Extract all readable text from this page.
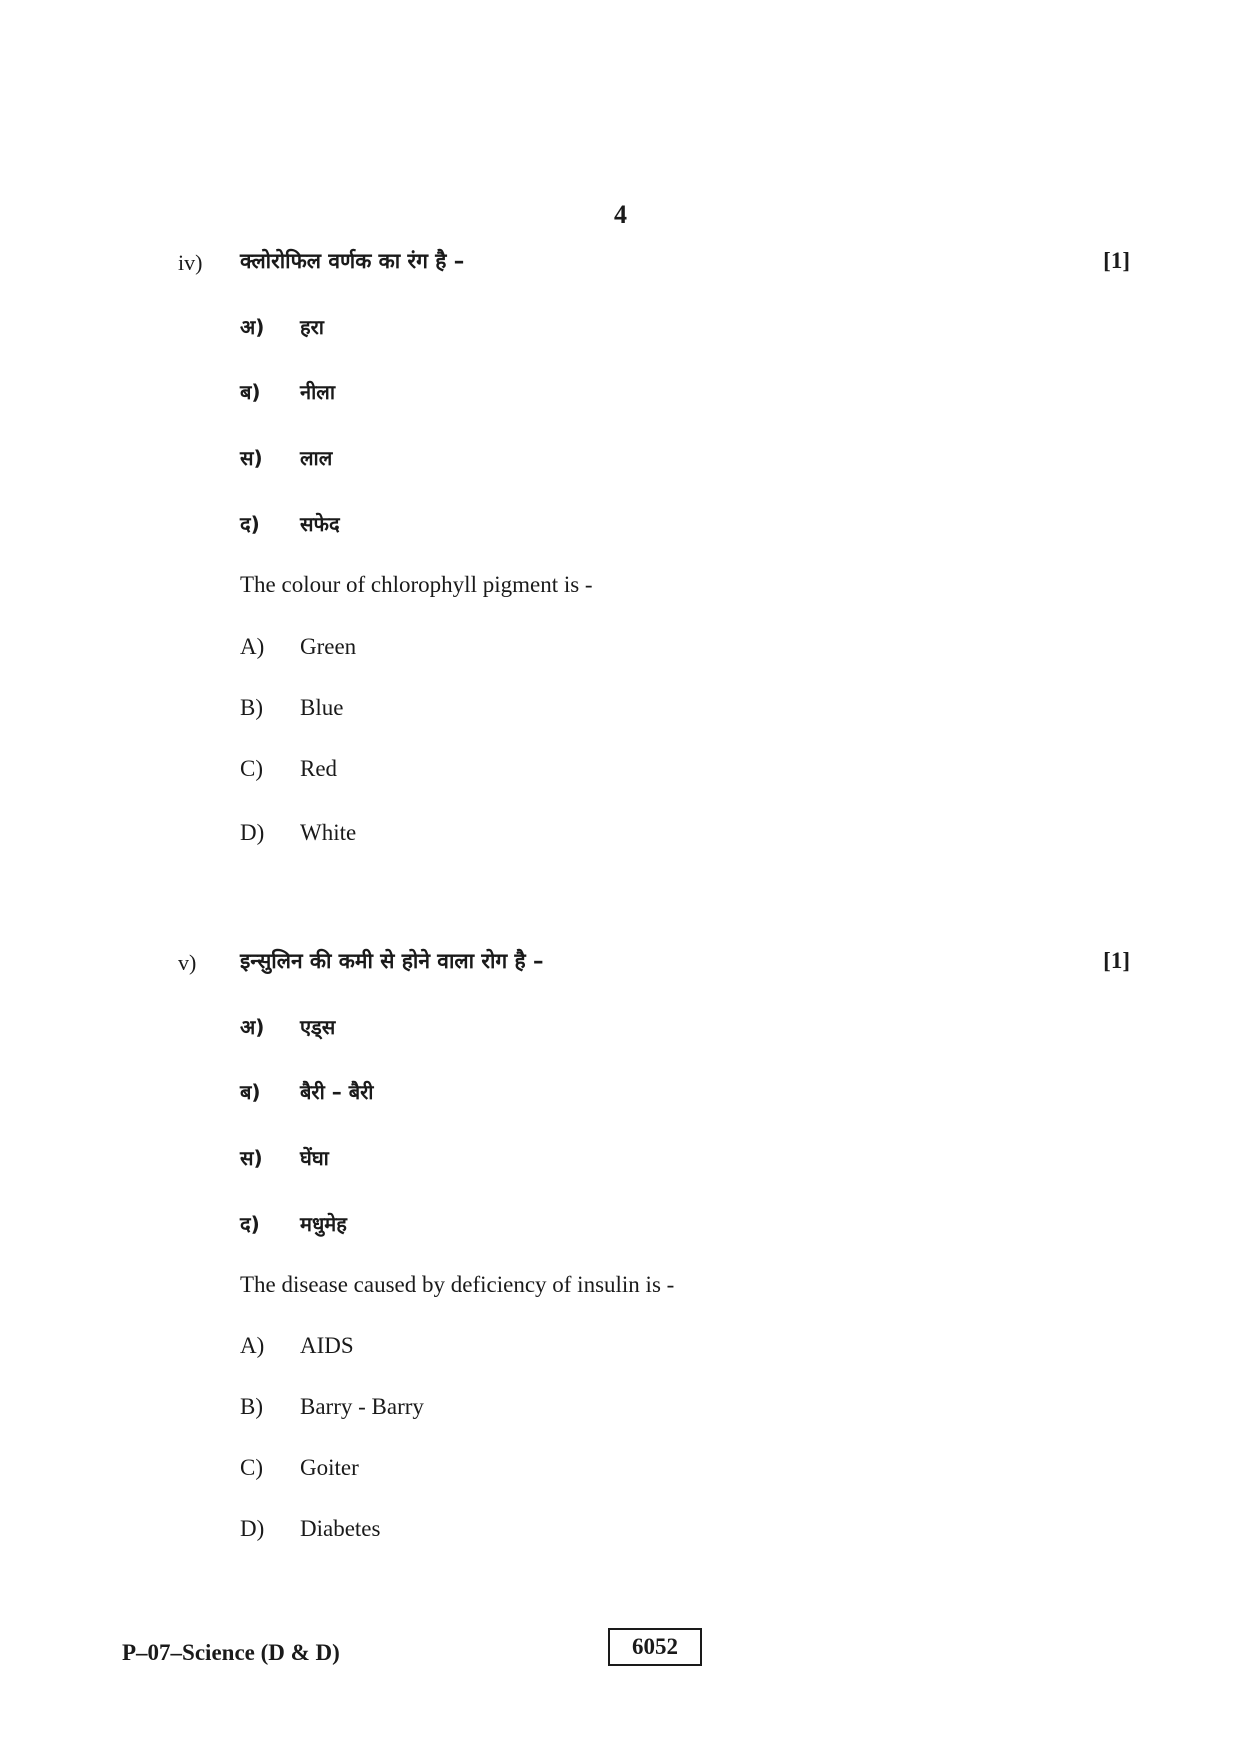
4
iv) क्लोरोफिल वर्णक का रंग है –	[1]
अ) हरा
ब) नीला
स) लाल
द) सफेद
The colour of chlorophyll pigment is -
A) Green
B) Blue
C) Red
D) White
v) इन्सुलिन की कमी से होने वाला रोग है –	[1]
अ) एड्स
ब) बैरी – बैरी
स) घेंघा
द) मधुमेह
The disease caused by deficiency of insulin is -
A) AIDS
B) Barry - Barry
C) Goiter
D) Diabetes
P–07–Science (D & D)	6052
